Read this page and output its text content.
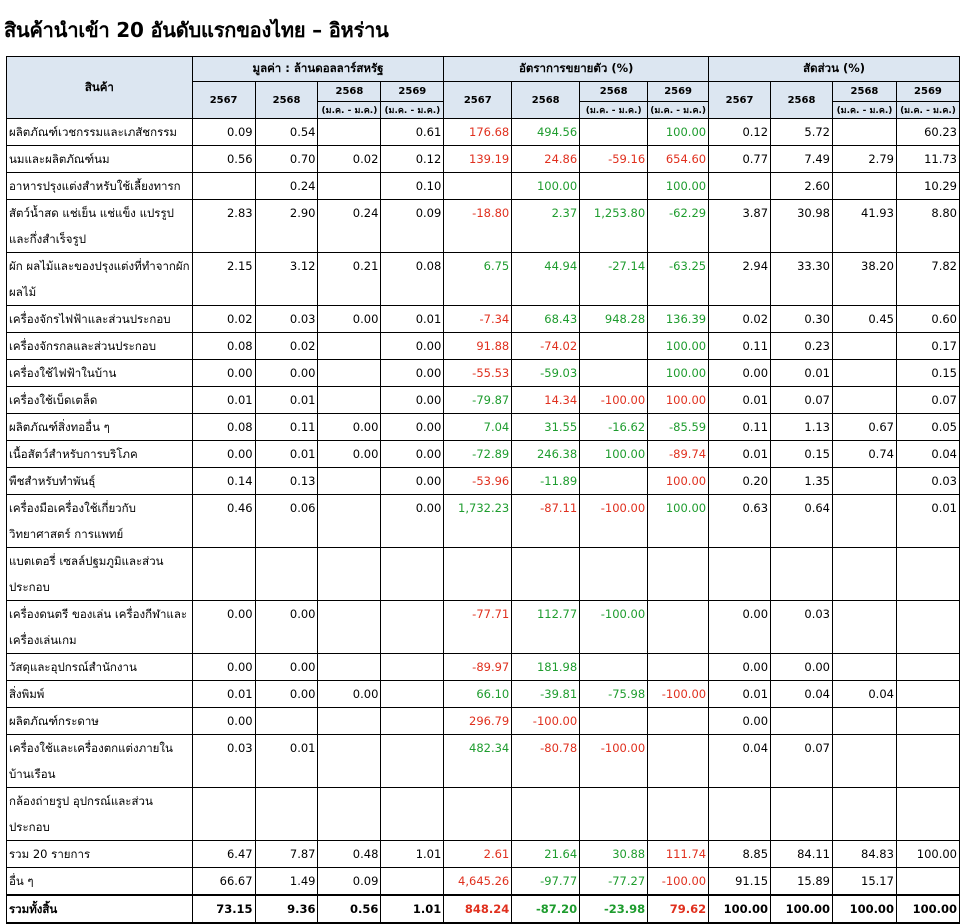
สินค้านำเข้า 20 อันดับแรกของไทย – อิหร่าน
สินค้า	มูลค่า : ล้านดอลลาร์สหรัฐ				อัตราการขยายตัว (%)				สัดส่วน (%)			
	2567	2568	2568	2569	2567	2568	2568	2569	2567	2568	2568	2569
			(ม.ค. - ม.ค.)	(ม.ค. - ม.ค.)			(ม.ค. - ม.ค.)	(ม.ค. - ม.ค.)			(ม.ค. - ม.ค.)	(ม.ค. - ม.ค.)
ผลิตภัณฑ์เวชกรรมและเภสัชกรรม	0.09	0.54		0.61	176.68	494.56		100.00	0.12	5.72		60.23
นมและผลิตภัณฑ์นม	0.56	0.70	0.02	0.12	139.19	24.86	-59.16	654.60	0.77	7.49	2.79	11.73
อาหารปรุงแต่งสำหรับใช้เลี้ยงทารก		0.24		0.10		100.00		100.00		2.60		10.29
สัตว์น้ำสด แช่เย็น แช่แข็ง แปรรูปและกึ่งสำเร็จรูป	2.83	2.90	0.24	0.09	-18.80	2.37	1,253.80	-62.29	3.87	30.98	41.93	8.80
ผัก ผลไม้และของปรุงแต่งที่ทำจากผัก ผลไม้	2.15	3.12	0.21	0.08	6.75	44.94	-27.14	-63.25	2.94	33.30	38.20	7.82
เครื่องจักรไฟฟ้าและส่วนประกอบ	0.02	0.03	0.00	0.01	-7.34	68.43	948.28	136.39	0.02	0.30	0.45	0.60
เครื่องจักรกลและส่วนประกอบ	0.08	0.02		0.00	91.88	-74.02		100.00	0.11	0.23		0.17
เครื่องใช้ไฟฟ้าในบ้าน	0.00	0.00		0.00	-55.53	-59.03		100.00	0.00	0.01		0.15
เครื่องใช้เบ็ดเตล็ด	0.01	0.01		0.00	-79.87	14.34	-100.00	100.00	0.01	0.07		0.07
ผลิตภัณฑ์สิ่งทออื่น ๆ	0.08	0.11	0.00	0.00	7.04	31.55	-16.62	-85.59	0.11	1.13	0.67	0.05
เนื้อสัตว์สำหรับการบริโภค	0.00	0.01	0.00	0.00	-72.89	246.38	100.00	-89.74	0.01	0.15	0.74	0.04
พืชสำหรับทำพันธุ์	0.14	0.13		0.00	-53.96	-11.89		100.00	0.20	1.35		0.03
เครื่องมือเครื่องใช้เกี่ยวกับวิทยาศาสตร์ การแพทย์	0.46	0.06		0.00	1,732.23	-87.11	-100.00	100.00	0.63	0.64		0.01
แบตเตอรี่ เซลล์ปฐมภูมิและส่วนประกอบ												
เครื่องดนตรี ของเล่น เครื่องกีฬาและเครื่องเล่นเกม	0.00	0.00			-77.71	112.77	-100.00		0.00	0.03		
วัสดุและอุปกรณ์สำนักงาน	0.00	0.00			-89.97	181.98			0.00	0.00		
สิ่งพิมพ์	0.01	0.00	0.00		66.10	-39.81	-75.98	-100.00	0.01	0.04	0.04	
ผลิตภัณฑ์กระดาษ	0.00				296.79	-100.00			0.00			
เครื่องใช้และเครื่องตกแต่งภายในบ้านเรือน	0.03	0.01			482.34	-80.78	-100.00		0.04	0.07		
กล้องถ่ายรูป อุปกรณ์และส่วนประกอบ												
รวม 20 รายการ	6.47	7.87	0.48	1.01	2.61	21.64	30.88	111.74	8.85	84.11	84.83	100.00
อื่น ๆ	66.67	1.49	0.09		4,645.26	-97.77	-77.27	-100.00	91.15	15.89	15.17	
รวมทั้งสิ้น	73.15	9.36	0.56	1.01	848.24	-87.20	-23.98	79.62	100.00	100.00	100.00	100.00
